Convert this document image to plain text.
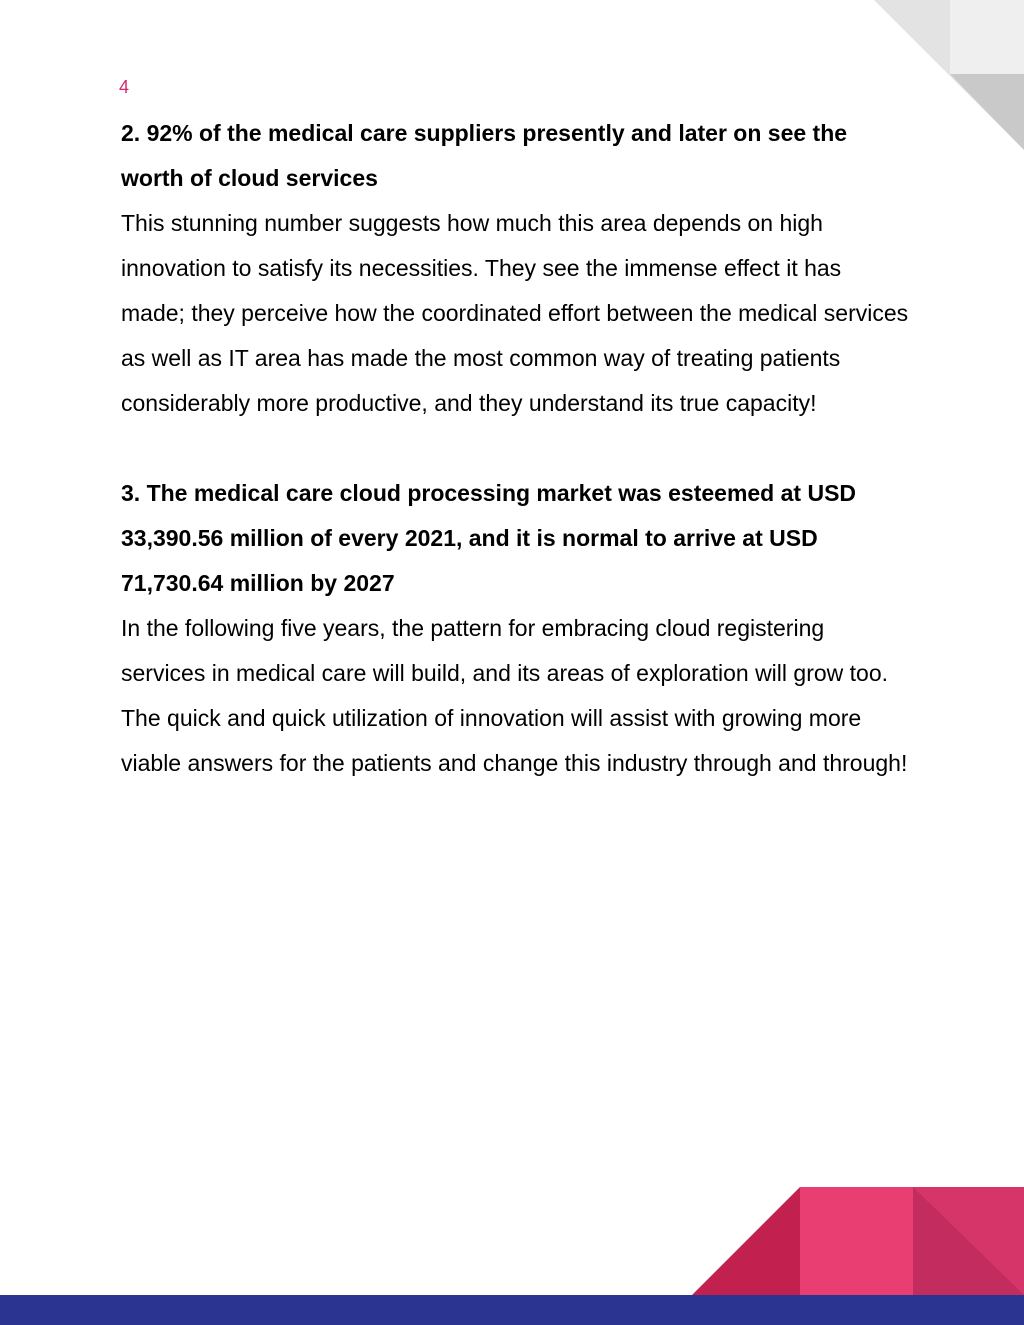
4

2. 92% of the medical care suppliers presently and later on see the worth of cloud services

This stunning number suggests how much this area depends on high innovation to satisfy its necessities. They see the immense effect it has made; they perceive how the coordinated effort between the medical services as well as IT area has made the most common way of treating patients considerably more productive, and they understand its true capacity!

3. The medical care cloud processing market was esteemed at USD 33,390.56 million of every 2021, and it is normal to arrive at USD 71,730.64 million by 2027

In the following five years, the pattern for embracing cloud registering services in medical care will build, and its areas of exploration will grow too. The quick and quick utilization of innovation will assist with growing more viable answers for the patients and change this industry through and through!
